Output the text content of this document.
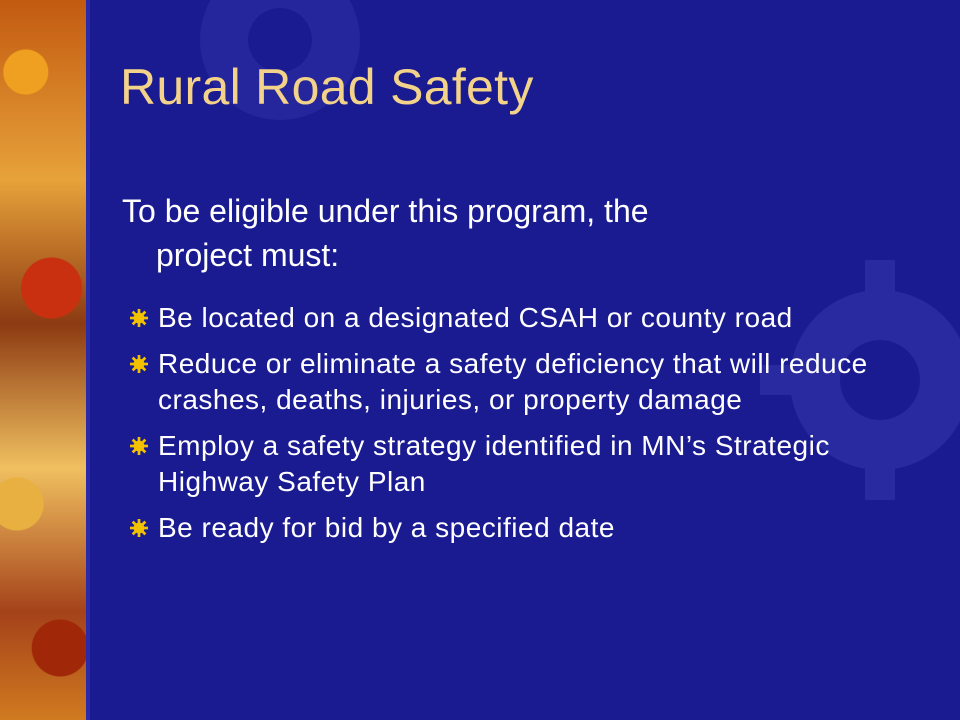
Rural Road Safety
To be eligible under this program, the
project must:
Be located on a designated CSAH or county road
Reduce or eliminate a safety deficiency that will reduce crashes, deaths, injuries, or property damage
Employ a safety strategy identified in MN’s Strategic Highway Safety Plan
Be ready for bid by a specified date
